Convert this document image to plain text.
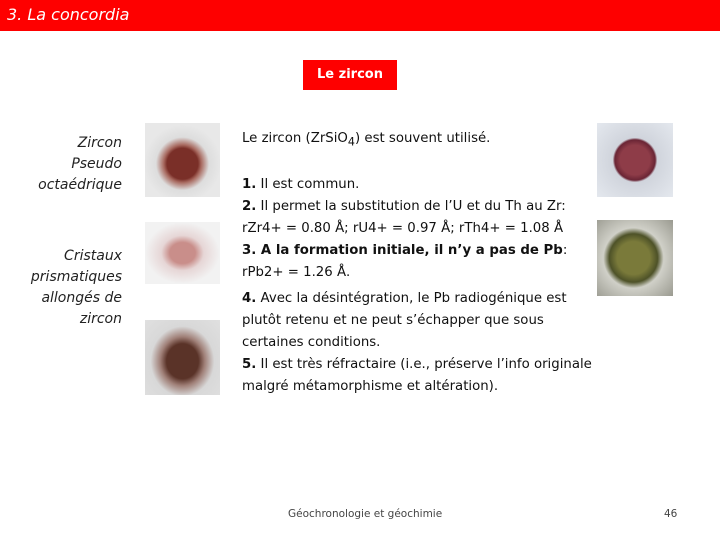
3. La concordia
Le zircon
Zircon
Pseudo
octaédrique
Cristaux
prismatiques
allongés de
zircon

Le zircon (ZrSiO$_4$) est souvent utilisé.

1. Il est commun.

2. Il permet la substitution de l’U et du Th au Zr: rZr4+ = 0.80 Å; rU4+ = 0.97 Å; rTh4+ = 1.08 Å

3. A la formation initiale, il n’y a pas de Pb: rPb2+ = 1.26 Å.

4. Avec la désintégration, le Pb radiogénique est plutôt retenu et ne peut s’échapper que sous certaines conditions.

5. Il est très réfractaire (i.e., préserve l’info originale malgré métamorphisme et altération).

Géochronologie et géochimie	46
